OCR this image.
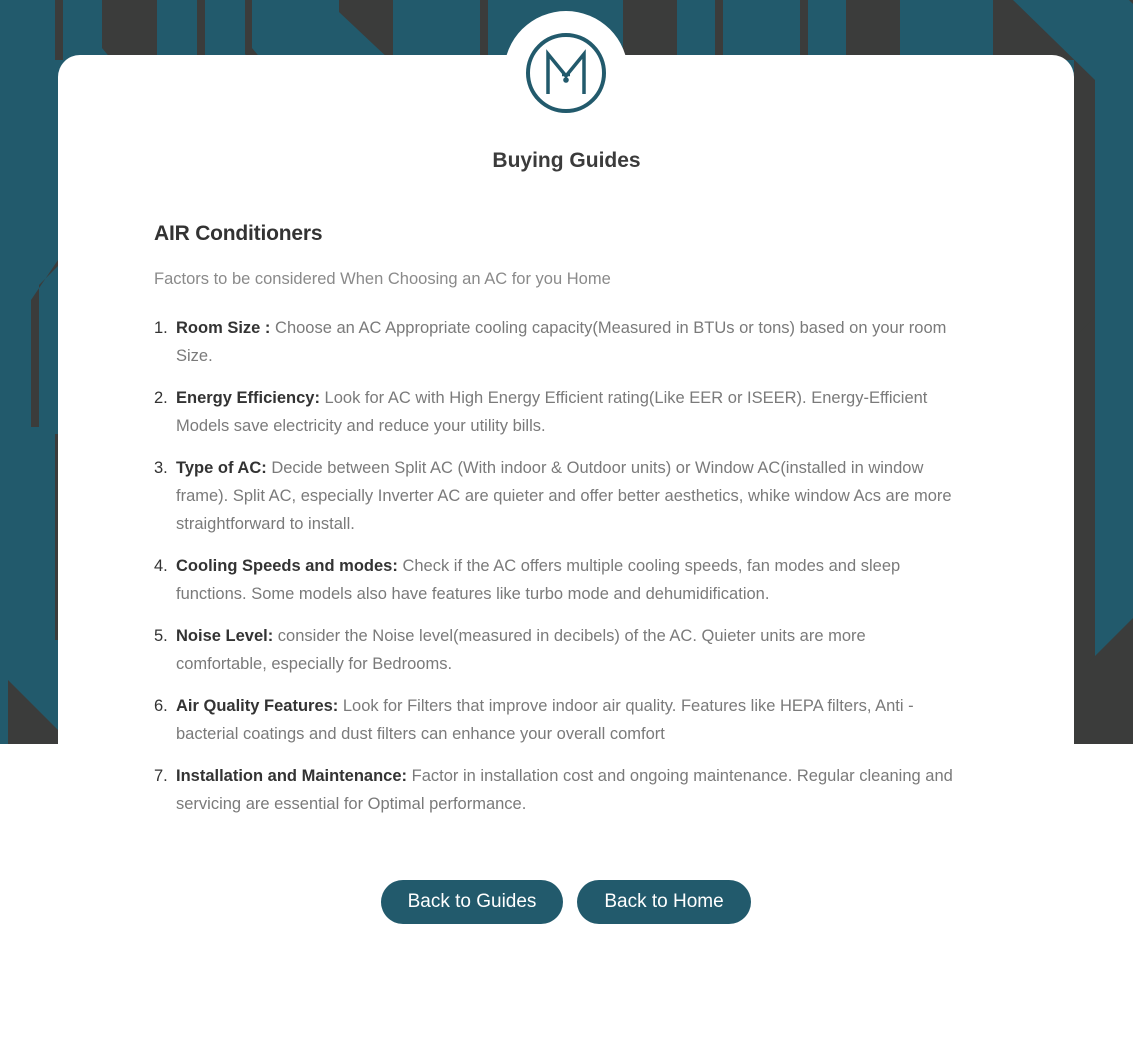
Buying Guides
AIR Conditioners

Factors to be considered When Choosing an AC for you Home

1. Room Size : Choose an AC Appropriate cooling capacity(Measured in BTUs or tons) based on your room Size.
2. Energy Efficiency: Look for AC with High Energy Efficient rating(Like EER or ISEER). Energy-Efficient Models save electricity and reduce your utility bills.
3. Type of AC: Decide between Split AC (With indoor & Outdoor units) or Window AC(installed in window frame). Split AC, especially Inverter AC are quieter and offer better aesthetics, whike window Acs are more straightforward to install.
4. Cooling Speeds and modes: Check if the AC offers multiple cooling speeds, fan modes and sleep functions. Some models also have features like turbo mode and dehumidification.
5. Noise Level: consider the Noise level(measured in decibels) of the AC. Quieter units are more comfortable, especially for Bedrooms.
6. Air Quality Features: Look for Filters that improve indoor air quality. Features like HEPA filters, Anti -bacterial coatings and dust filters can enhance your overall comfort
7. Installation and Maintenance: Factor in installation cost and ongoing maintenance. Regular cleaning and servicing are essential for Optimal performance.
Back to Guides	Back to Home
